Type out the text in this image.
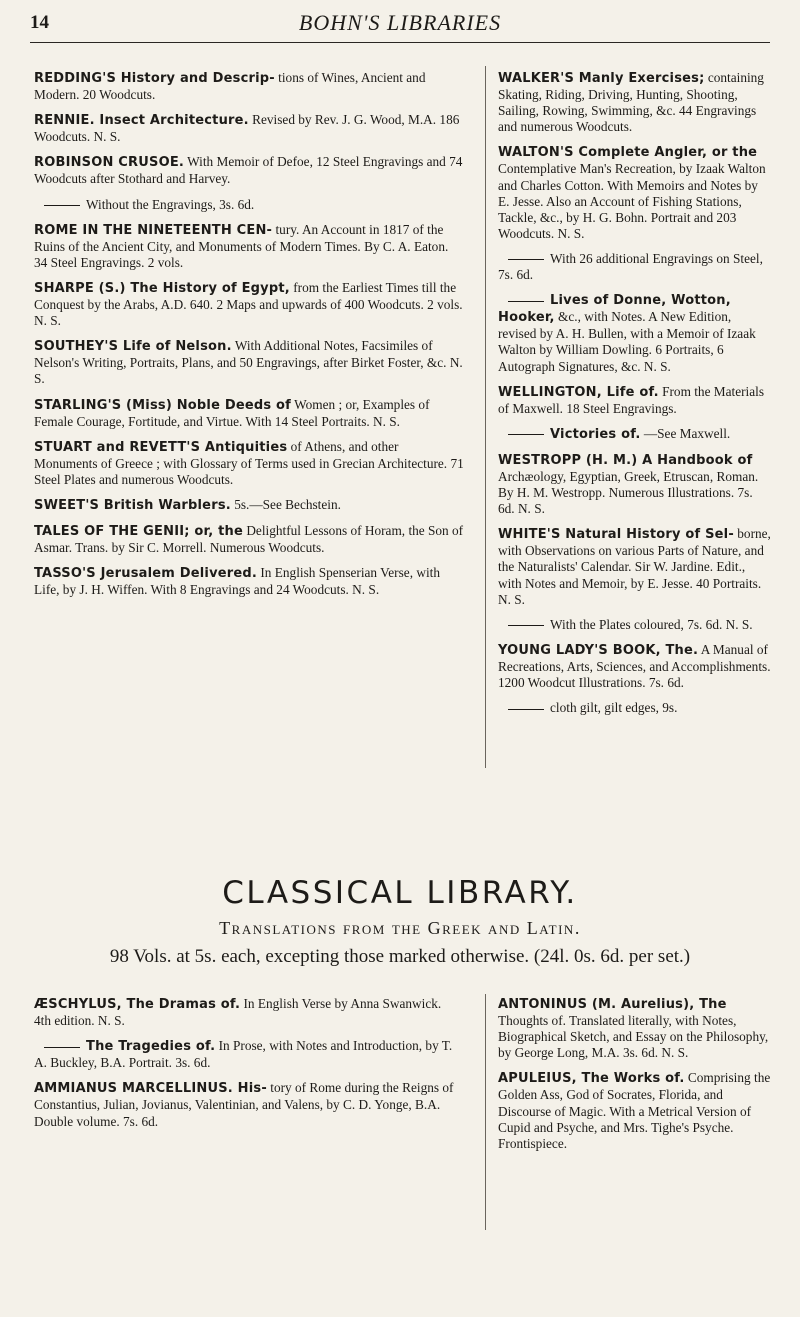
14	BOHN'S LIBRARIES

REDDING'S History and Descrip- tions of Wines, Ancient and Modern. 20 Woodcuts.

RENNIE. Insect Architecture. Revised by Rev. J. G. Wood, M.A. 186 Woodcuts. N. S.

ROBINSON CRUSOE. With Memoir of Defoe, 12 Steel Engravings and 74 Woodcuts after Stothard and Harvey.

Without the Engravings, 3s. 6d.

ROME IN THE NINETEENTH CEN- tury. An Account in 1817 of the Ruins of the Ancient City, and Monuments of Modern Times. By C. A. Eaton. 34 Steel Engravings. 2 vols.

SHARPE (S.) The History of Egypt, from the Earliest Times till the Conquest by the Arabs, A.D. 640. 2 Maps and upwards of 400 Woodcuts. 2 vols. N. S.

SOUTHEY'S Life of Nelson. With Additional Notes, Facsimiles of Nelson's Writing, Portraits, Plans, and 50 Engravings, after Birket Foster, &c. N. S.

STARLING'S (Miss) Noble Deeds of Women ; or, Examples of Female Courage, Fortitude, and Virtue. With 14 Steel Portraits. N. S.

STUART and REVETT'S Antiquities of Athens, and other Monuments of Greece ; with Glossary of Terms used in Grecian Architecture. 71 Steel Plates and numerous Woodcuts.

SWEET'S British Warblers. 5s.—See Bechstein.

TALES OF THE GENII; or, the Delightful Lessons of Horam, the Son of Asmar. Trans. by Sir C. Morrell. Numerous Woodcuts.

TASSO'S Jerusalem Delivered. In English Spenserian Verse, with Life, by J. H. Wiffen. With 8 Engravings and 24 Woodcuts. N. S.

WALKER'S Manly Exercises; containing Skating, Riding, Driving, Hunting, Shooting, Sailing, Rowing, Swimming, &c. 44 Engravings and numerous Woodcuts.

WALTON'S Complete Angler, or the Contemplative Man's Recreation, by Izaak Walton and Charles Cotton. With Memoirs and Notes by E. Jesse. Also an Account of Fishing Stations, Tackle, &c., by H. G. Bohn. Portrait and 203 Woodcuts. N. S.

With 26 additional Engravings on Steel, 7s. 6d.

Lives of Donne, Wotton, Hooker, &c., with Notes. A New Edition, revised by A. H. Bullen, with a Memoir of Izaak Walton by William Dowling. 6 Portraits, 6 Autograph Signatures, &c. N. S.

WELLINGTON, Life of. From the Materials of Maxwell. 18 Steel Engravings.

Victories of. —See Maxwell.

WESTROPP (H. M.) A Handbook of Archæology, Egyptian, Greek, Etruscan, Roman. By H. M. Westropp. Numerous Illustrations. 7s. 6d. N. S.

WHITE'S Natural History of Sel- borne, with Observations on various Parts of Nature, and the Naturalists' Calendar. Sir W. Jardine. Edit., with Notes and Memoir, by E. Jesse. 40 Portraits. N. S.

With the Plates coloured, 7s. 6d. N. S.

YOUNG LADY'S BOOK, The. A Manual of Recreations, Arts, Sciences, and Accomplishments. 1200 Woodcut Illustrations. 7s. 6d.

cloth gilt, gilt edges, 9s.

CLASSICAL LIBRARY.
Translations from the Greek and Latin.
98 Vols. at 5s. each, excepting those marked otherwise. (24l. 0s. 6d. per set.)

ÆSCHYLUS, The Dramas of. In English Verse by Anna Swanwick. 4th edition. N. S.

The Tragedies of. In Prose, with Notes and Introduction, by T. A. Buckley, B.A. Portrait. 3s. 6d.

AMMIANUS MARCELLINUS. His- tory of Rome during the Reigns of Constantius, Julian, Jovianus, Valentinian, and Valens, by C. D. Yonge, B.A. Double volume. 7s. 6d.

ANTONINUS (M. Aurelius), The Thoughts of. Translated literally, with Notes, Biographical Sketch, and Essay on the Philosophy, by George Long, M.A. 3s. 6d. N. S.

APULEIUS, The Works of. Comprising the Golden Ass, God of Socrates, Florida, and Discourse of Magic. With a Metrical Version of Cupid and Psyche, and Mrs. Tighe's Psyche. Frontispiece.
